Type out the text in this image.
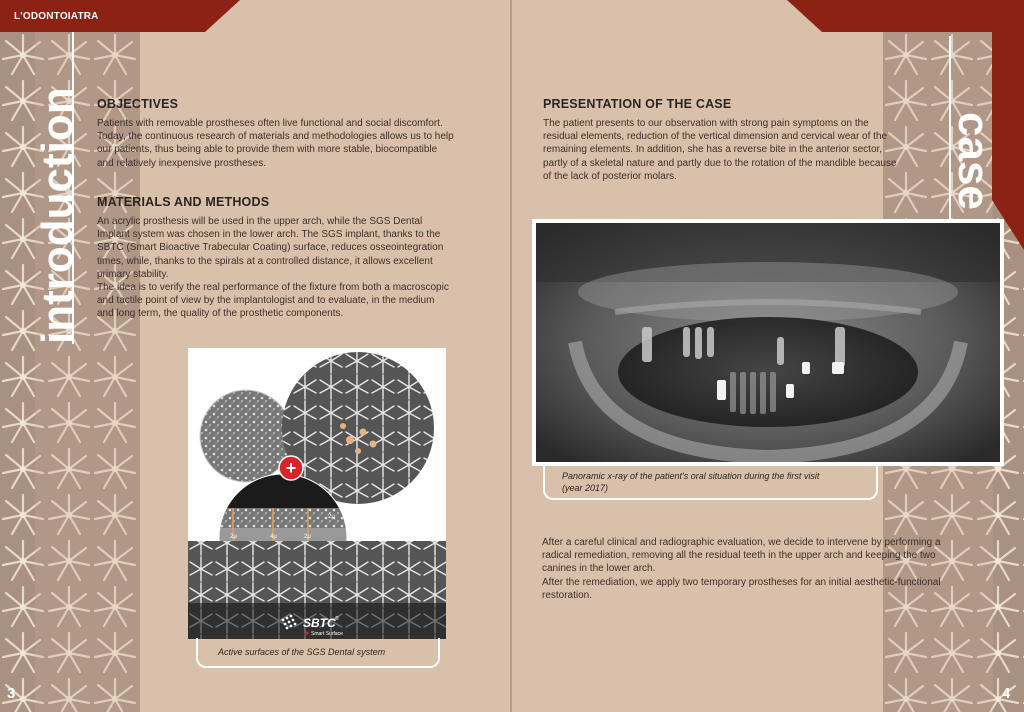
L'ODONTOIATRA
introduction OBJECTIVES

Patients with removable prostheses often live functional and social discomfort.

Today, the continuous research of materials and methodologies allows us to help

our patients, thus being able to provide them with more stable, biocompatible

and relatively inexpensive prostheses.

MATERIALS AND METHODS

An acrylic prosthesis will be used in the upper arch, while the SGS Dental

Implant system was chosen in the lower arch. The SGS implant, thanks to the

SBTC (Smart Bioactive Trabecular Coating) surface, reduces osseointegration

times, while, thanks to the spirals at a controlled distance, it allows excellent

primary stability.

The idea is to verify the real performance of the fixture from both a macroscopic

and tactile point of view by the implantologist and to evaluate, in the medium

and long term, the quality of the prosthetic components.

2μ	4μ	2μ
2μ
+
SBTC ®
Smart Surface
Active surfaces of the SGS Dental system
3
PRESENTATION OF THE CASE

The patient presents to our observation with strong pain symptoms on the

residual elements, reduction of the vertical dimension and cervical wear of the

remaining elements. In addition, she has a reverse bite in the anterior sector,

partly of a skeletal nature and partly due to the rotation of the mandible because

of the lack of posterior molars.

Panoramic x-ray of the patient's oral situation during the first visit
(year 2017)

After a careful clinical and radiographic evaluation, we decide to intervene by performing a

radical remediation, removing all the residual teeth in the upper arch and keeping the two

canines in the lower arch.

After the remediation, we apply two temporary prostheses for an initial aesthetic-functional

restoration.

4
